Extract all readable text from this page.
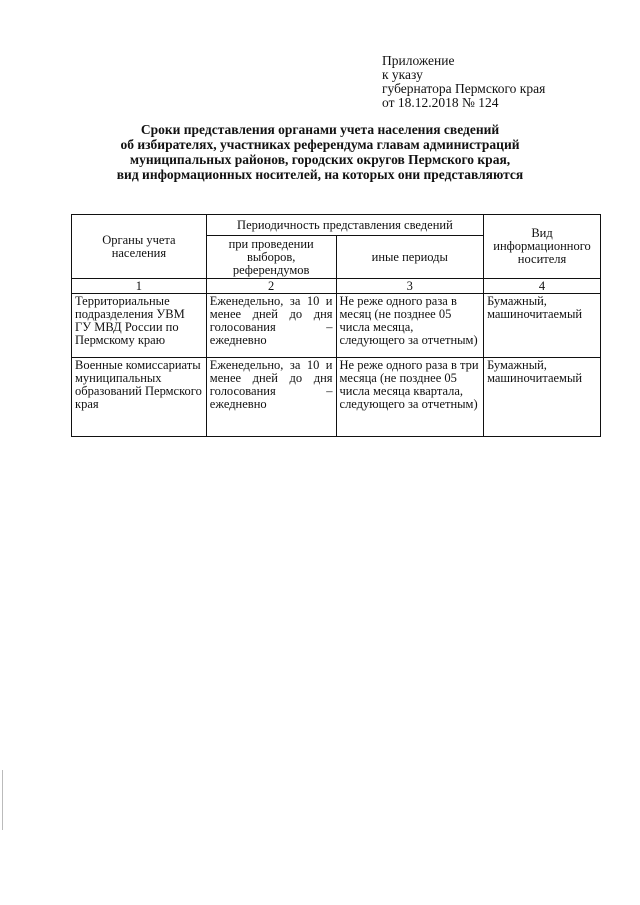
Приложение
к указу
губернатора Пермского края
от 18.12.2018 № 124
Сроки представления органами учета населения сведений
об избирателях, участниках референдума главам администраций
муниципальных районов, городских округов Пермского края,
вид информационных носителей, на которых они представляются
Органы учета населения	Периодичность представления сведений		Вид информационного носителя
	при проведении выборов, референдумов	иные периоды	
1	2	3	4
Территориальные подразделения УВМ ГУ МВД России по Пермскому краю	Еженедельно, за 10 и менее дней до дня голосования – ежедневно	Не реже одного раза в месяц (не позднее 05 числа месяца, следующего за отчетным)	Бумажный, машиночитаемый
Военные комиссариаты муниципальных образований Пермского края	Еженедельно, за 10 и менее дней до дня голосования – ежедневно	Не реже одного раза в три месяца (не позднее 05 числа месяца квартала, следующего за отчетным)	Бумажный, машиночитаемый
